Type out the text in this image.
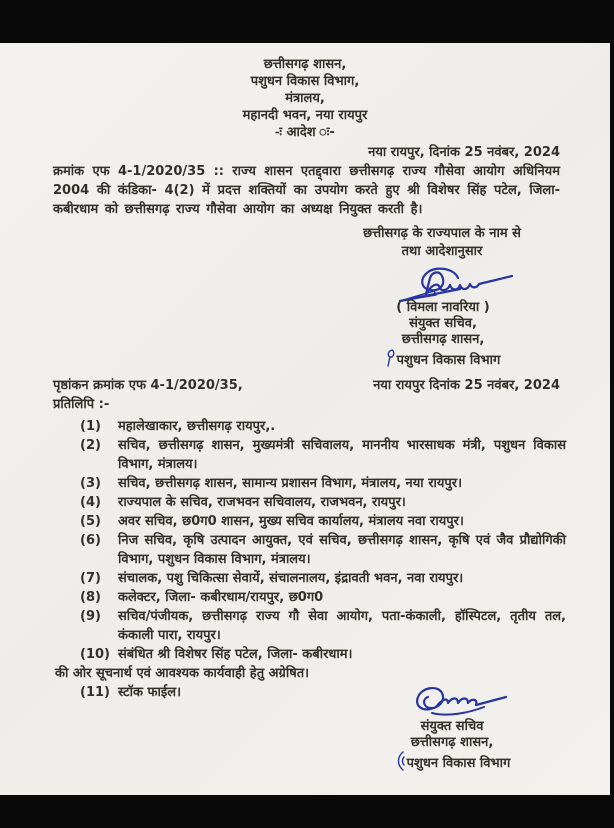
छत्तीसगढ़ शासन,
पशुधन विकास विभाग,
मंत्रालय,
महानदी भवन, नया रायपुर
-ः आदेश ः-
नया रायपुर, दिनांक 25 नवंबर, 2024
क्रमांक एफ 4-1/2020/35 :: राज्य शासन एतद्द्वारा छत्तीसगढ़ राज्य गौसेवा आयोग अधिनियम 2004 की कंडिका- 4(2) में प्रदत्त शक्तियों का उपयोग करते हुए श्री विशेषर सिंह पटेल, जिला-कबीरधाम को छत्तीसगढ़ राज्य गौसेवा आयोग का अध्यक्ष नियुक्त करती है।
छत्तीसगढ़ के राज्यपाल के नाम से
तथा आदेशानुसार
( विमला नावरिया )
संयुक्त सचिव,
छत्तीसगढ़ शासन,
पशुधन विकास विभाग
पृष्ठांकन क्रमांक एफ 4-1/2020/35,	नया रायपुर दिनांक 25 नवंबर, 2024
प्रतिलिपि :-
(1)	महालेखाकार, छत्तीसगढ़ रायपुर,.
(2)	सचिव, छत्तीसगढ़ शासन, मुख्यमंत्री सचिवालय, माननीय भारसाधक मंत्री, पशुधन विकास विभाग, मंत्रालय।
(3)	सचिव, छत्तीसगढ़ शासन, सामान्य प्रशासन विभाग, मंत्रालय, नया रायपुर।
(4)	राज्यपाल के सचिव, राजभवन सचिवालय, राजभवन, रायपुर।
(5)	अवर सचिव, छ0ग0 शासन, मुख्य सचिव कार्यालय, मंत्रालय नवा रायपुर।
(6)	निज सचिव, कृषि उत्पादन आयुक्त, एवं सचिव, छत्तीसगढ़ शासन, कृषि एवं जैव प्रौद्योगिकी विभाग, पशुधन विकास विभाग, मंत्रालय।
(7)	संचालक, पशु चिकित्सा सेवायें, संचालनालय, इंद्रावती भवन, नवा रायपुर।
(8)	कलेक्टर, जिला- कबीरधाम/रायपुर, छ0ग0
(9)	सचिव/पंजीयक, छत्तीसगढ़ राज्य गौ सेवा आयोग, पता-कंकाली, हॉस्पिटल, तृतीय तल, कंकाली पारा, रायपुर।
(10) संबंधित श्री विशेषर सिंह पटेल, जिला- कबीरधाम।
की ओर सूचनार्थ एवं आवश्यक कार्यवाही हेतु अग्रेषित।
(11) स्टॉक फाईल।
संयुक्त सचिव
छत्तीसगढ़ शासन,
पशुधन विकास विभाग
